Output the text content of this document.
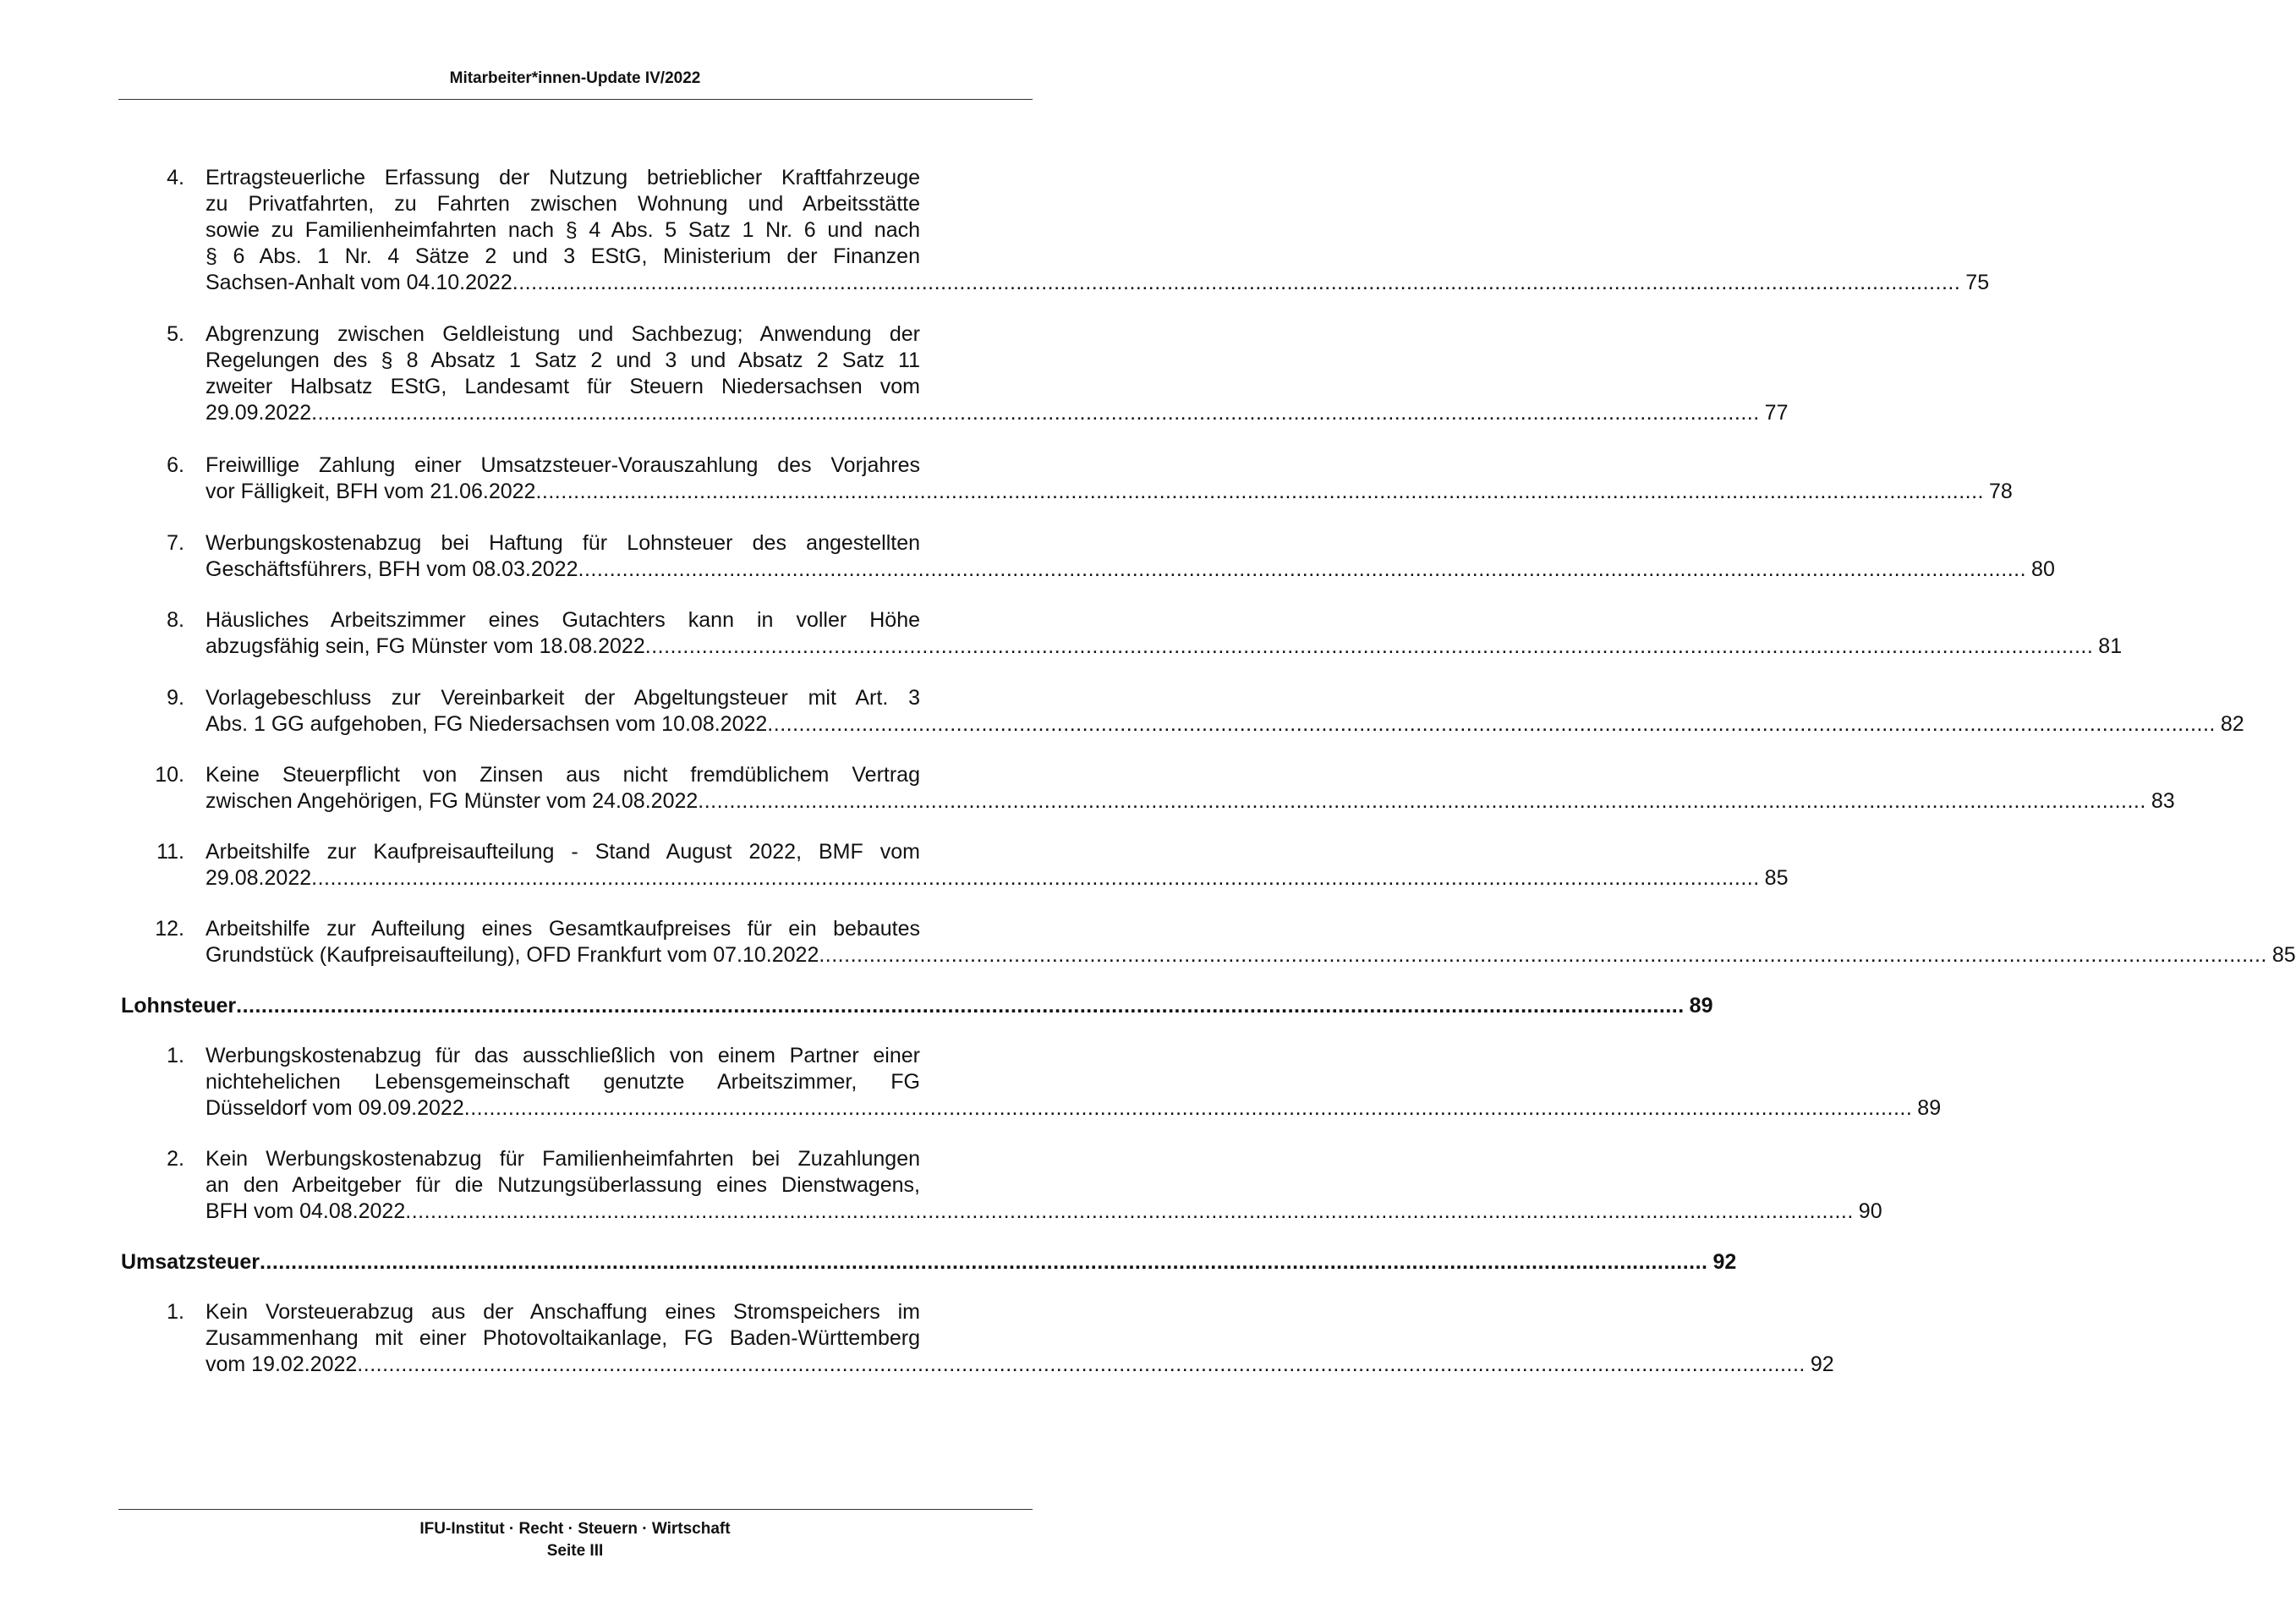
Mitarbeiter*innen-Update IV/2022
4. Ertragsteuerliche Erfassung der Nutzung betrieblicher Kraftfahrzeuge
zu Privatfahrten, zu Fahrten zwischen Wohnung und Arbeitsstätte
sowie zu Familienheimfahrten nach § 4 Abs. 5 Satz 1 Nr. 6 und nach
§ 6 Abs. 1 Nr. 4 Sätze 2 und 3 EStG, Ministerium der Finanzen
Sachsen-Anhalt vom 04.10.2022 ...................................................................................................................................................................................................................................... 75
5. Abgrenzung zwischen Geldleistung und Sachbezug; Anwendung der
Regelungen des § 8 Absatz 1 Satz 2 und 3 und Absatz 2 Satz 11
zweiter Halbsatz EStG, Landesamt für Steuern Niedersachsen vom
29.09.2022 ...................................................................................................................................................................................................................................... 77
6. Freiwillige Zahlung einer Umsatzsteuer-Vorauszahlung des Vorjahres
vor Fälligkeit, BFH vom 21.06.2022 ...................................................................................................................................................................................................................................... 78
7. Werbungskostenabzug bei Haftung für Lohnsteuer des angestellten
Geschäftsführers, BFH vom 08.03.2022 ...................................................................................................................................................................................................................................... 80
8. Häusliches Arbeitszimmer eines Gutachters kann in voller Höhe
abzugsfähig sein, FG Münster vom 18.08.2022 ...................................................................................................................................................................................................................................... 81
9. Vorlagebeschluss zur Vereinbarkeit der Abgeltungsteuer mit Art. 3
Abs. 1 GG aufgehoben, FG Niedersachsen vom 10.08.2022 ...................................................................................................................................................................................................................................... 82
10. Keine Steuerpflicht von Zinsen aus nicht fremdüblichem Vertrag
zwischen Angehörigen, FG Münster vom 24.08.2022 ...................................................................................................................................................................................................................................... 83
11. Arbeitshilfe zur Kaufpreisaufteilung - Stand August 2022, BMF vom
29.08.2022 ...................................................................................................................................................................................................................................... 85
12. Arbeitshilfe zur Aufteilung eines Gesamtkaufpreises für ein bebautes
Grundstück (Kaufpreisaufteilung), OFD Frankfurt vom 07.10.2022 ...................................................................................................................................................................................................................................... 85
Lohnsteuer ...................................................................................................................................................................................................................................... 89
1. Werbungskostenabzug für das ausschließlich von einem Partner einer
nichtehelichen Lebensgemeinschaft genutzte Arbeitszimmer, FG
Düsseldorf vom 09.09.2022 ...................................................................................................................................................................................................................................... 89
2. Kein Werbungskostenabzug für Familienheimfahrten bei Zuzahlungen
an den Arbeitgeber für die Nutzungsüberlassung eines Dienstwagens,
BFH vom 04.08.2022 ...................................................................................................................................................................................................................................... 90
Umsatzsteuer ...................................................................................................................................................................................................................................... 92
1. Kein Vorsteuerabzug aus der Anschaffung eines Stromspeichers im
Zusammenhang mit einer Photovoltaikanlage, FG Baden-Württemberg
vom 19.02.2022 ...................................................................................................................................................................................................................................... 92
IFU-Institut · Recht · Steuern · Wirtschaft
Seite III
